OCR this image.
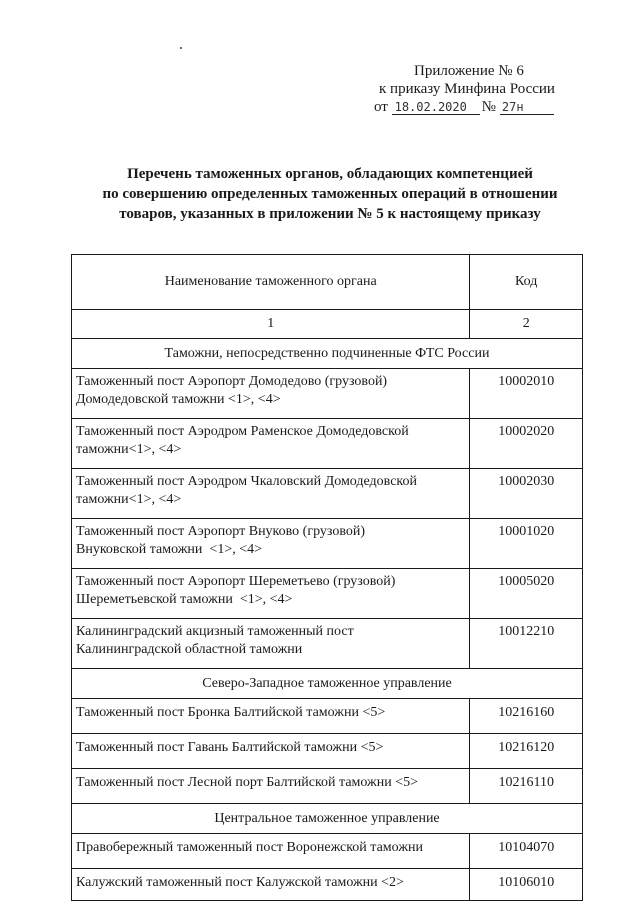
Приложение № 6
к приказу Минфина России
от 18.02.2020 № 27н
Перечень таможенных органов, обладающих компетенцией
по совершению определенных таможенных операций в отношении
товаров, указанных в приложении № 5 к настоящему приказу
Наименование таможенного органа	Код
1	2
Таможни, непосредственно подчиненные ФТС России	

Таможенный пост Аэропорт Домодедово (грузовой)
Домодедовской таможни <1>, <4>	10002010

Таможенный пост Аэродром Раменское Домодедовской
таможни<1>, <4>	10002020

Таможенный пост Аэродром Чкаловский Домодедовской
таможни<1>, <4>	10002030

Таможенный пост Аэропорт Внуково (грузовой)
Внуковской таможни  <1>, <4>	10001020

Таможенный пост Аэропорт Шереметьево (грузовой)
Шереметьевской таможни  <1>, <4>	10005020

Калининградский акцизный таможенный пост
Калининградской областной таможни	10012210
Северо-Западное таможенное управление	
Таможенный пост Бронка Балтийской таможни <5>	10216160
Таможенный пост Гавань Балтийской таможни <5>	10216120
Таможенный пост Лесной порт Балтийской таможни <5>	10216110
Центральное таможенное управление	
Правобережный таможенный пост Воронежской таможни	10104070
Калужский таможенный пост Калужской таможни <2>	10106010
